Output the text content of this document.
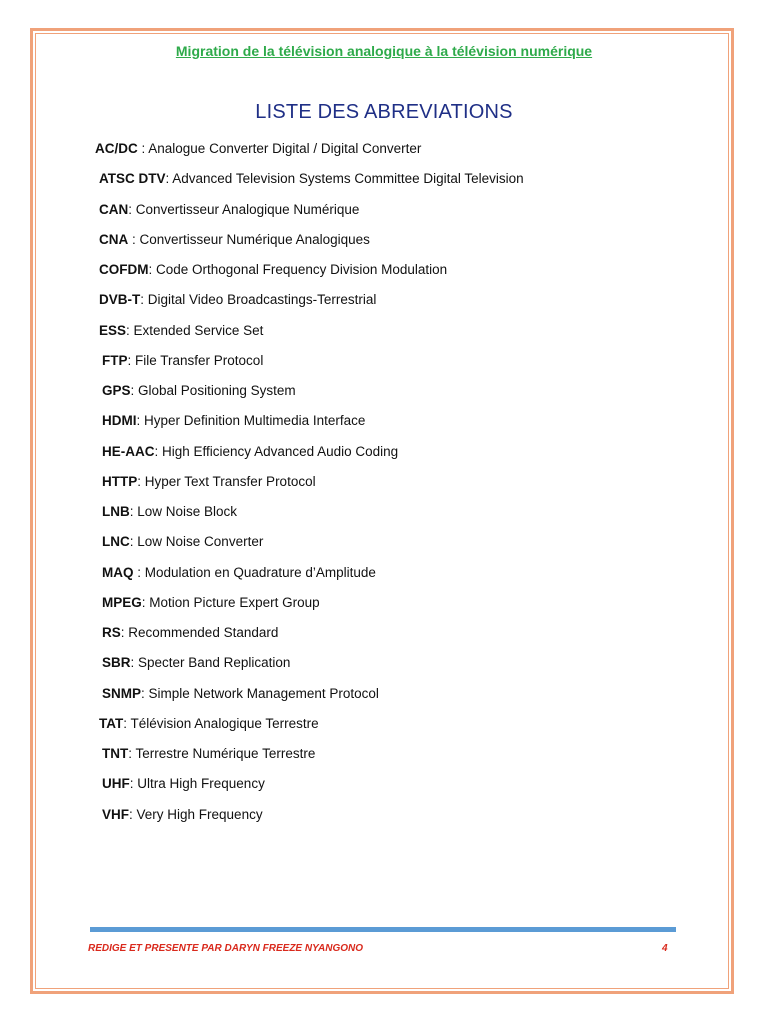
Migration de la télévision analogique à la télévision numérique
LISTE DES ABREVIATIONS
AC/DC : Analogue Converter Digital / Digital Converter
ATSC DTV: Advanced Television Systems Committee Digital Television
CAN: Convertisseur Analogique Numérique
CNA : Convertisseur Numérique Analogiques
COFDM: Code Orthogonal Frequency Division Modulation
DVB-T: Digital Video Broadcastings-Terrestrial
ESS: Extended Service Set
FTP: File Transfer Protocol
GPS: Global Positioning System
HDMI: Hyper Definition Multimedia Interface
HE-AAC: High Efficiency Advanced Audio Coding
HTTP: Hyper Text Transfer Protocol
LNB: Low Noise Block
LNC: Low Noise Converter
MAQ : Modulation en Quadrature d’Amplitude
MPEG: Motion Picture Expert Group
RS: Recommended Standard
SBR: Specter Band Replication
SNMP: Simple Network Management Protocol
TAT: Télévision Analogique Terrestre
TNT: Terrestre Numérique Terrestre
UHF: Ultra High Frequency
VHF: Very High Frequency
REDIGE ET PRESENTE PAR DARYN FREEZE NYANGONO	4
